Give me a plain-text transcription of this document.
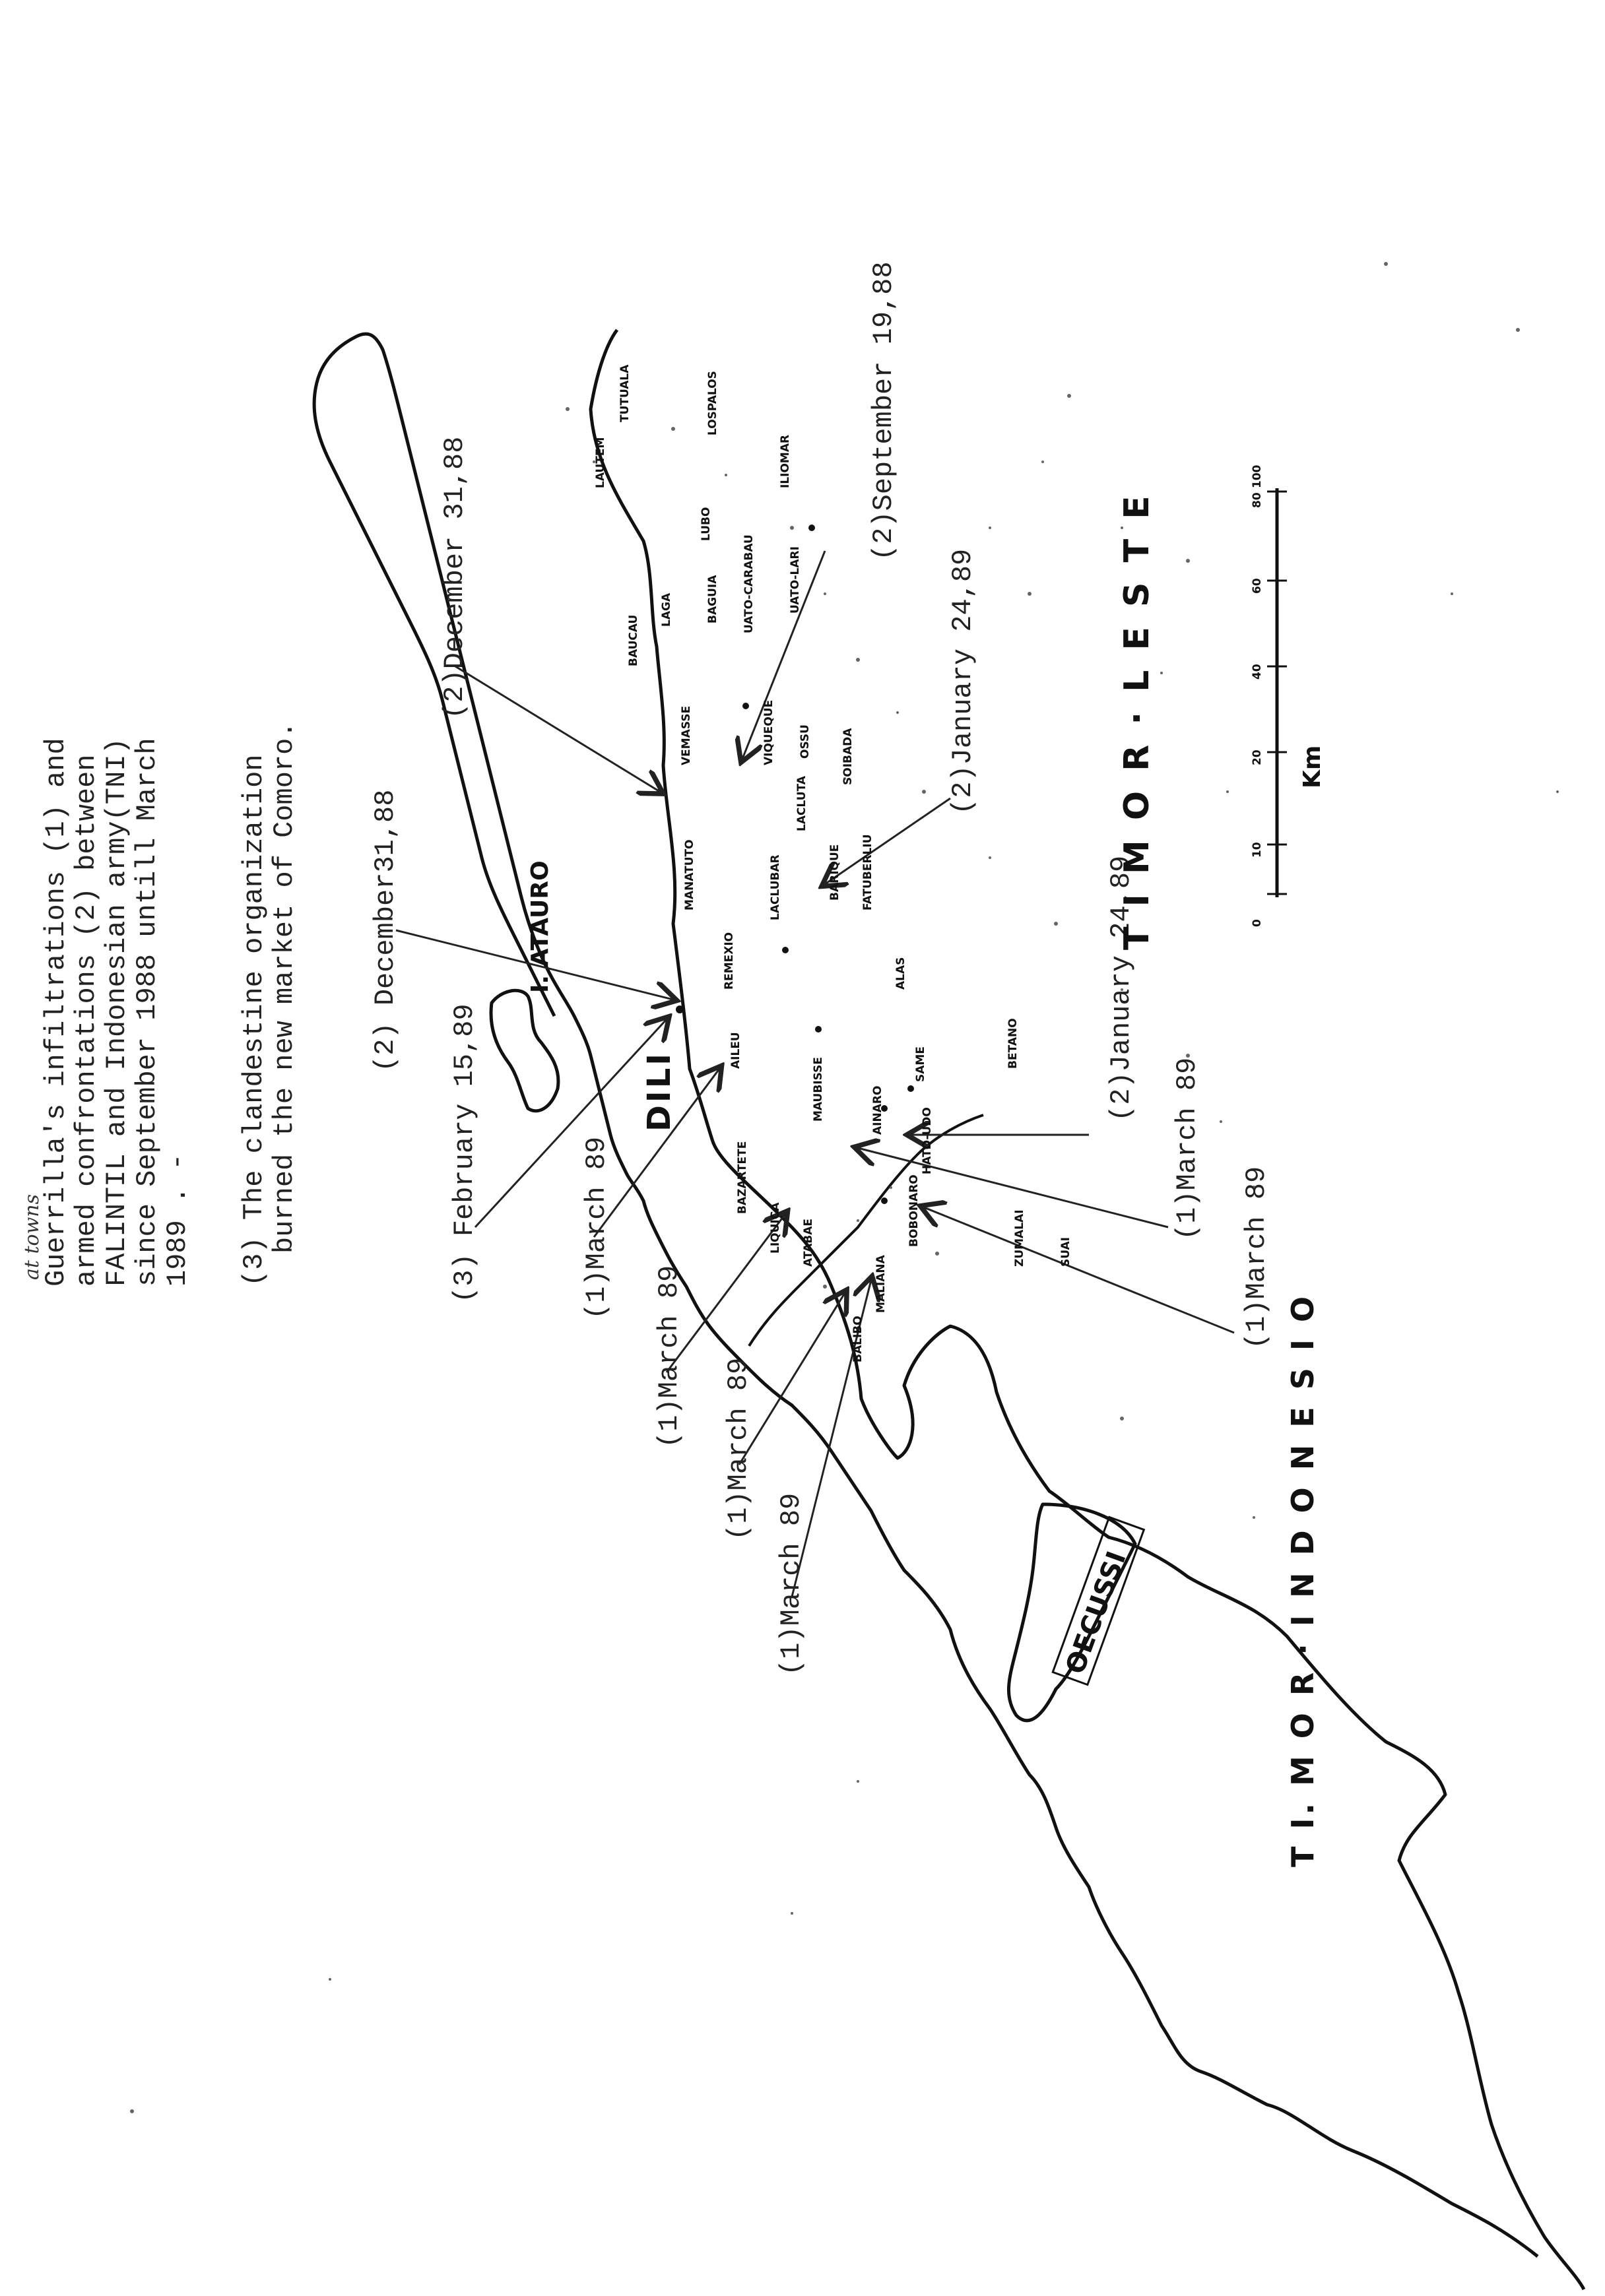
Guerrilla's infiltrations (1) and
armed confrontations (2) between
FALINTIL and Indonesian army(TNI)
since September 1988 untill March
1989 . - (3) The clandestine organization
burned the new market of Comoro.
at towns
(2)December 31,88
(2)September 19,88
(2) December31,88
(2)January 24,89
(3) February 15,89	(1)March 89
(1)March 89
(1)March 89
(1)March 89
(2)January 24,89
(1)March 89
(1)March 89
T I M O R · L E S T E
T I. M O R · I N D O N E S I O
OECUSSI
I. ATAURO
DILI
LAUTEM
TUTUALA	LOSPALOS
ILIOMAR
LUBO
BAGUIA
BAUCAU
LAGA
VIQUEQUE OSSU
UATO-LARI
UATO-CARABAU
VEMASSE
LACLUBAR	BARIQUE
SOIBADA
FATUBERLIU
LACLUTA
MANATUTO
REMEXIO
AILEU
MAUBISSE	AINARO
SAME
ALAS
BETANO
HATO-UDO
SUAI
ZUMALAI
BOBONARO
ATABAE
MALIANA
BALIBO
BAZARTETE
LIQUICA
0
10
20
40
60
80
100
Km
